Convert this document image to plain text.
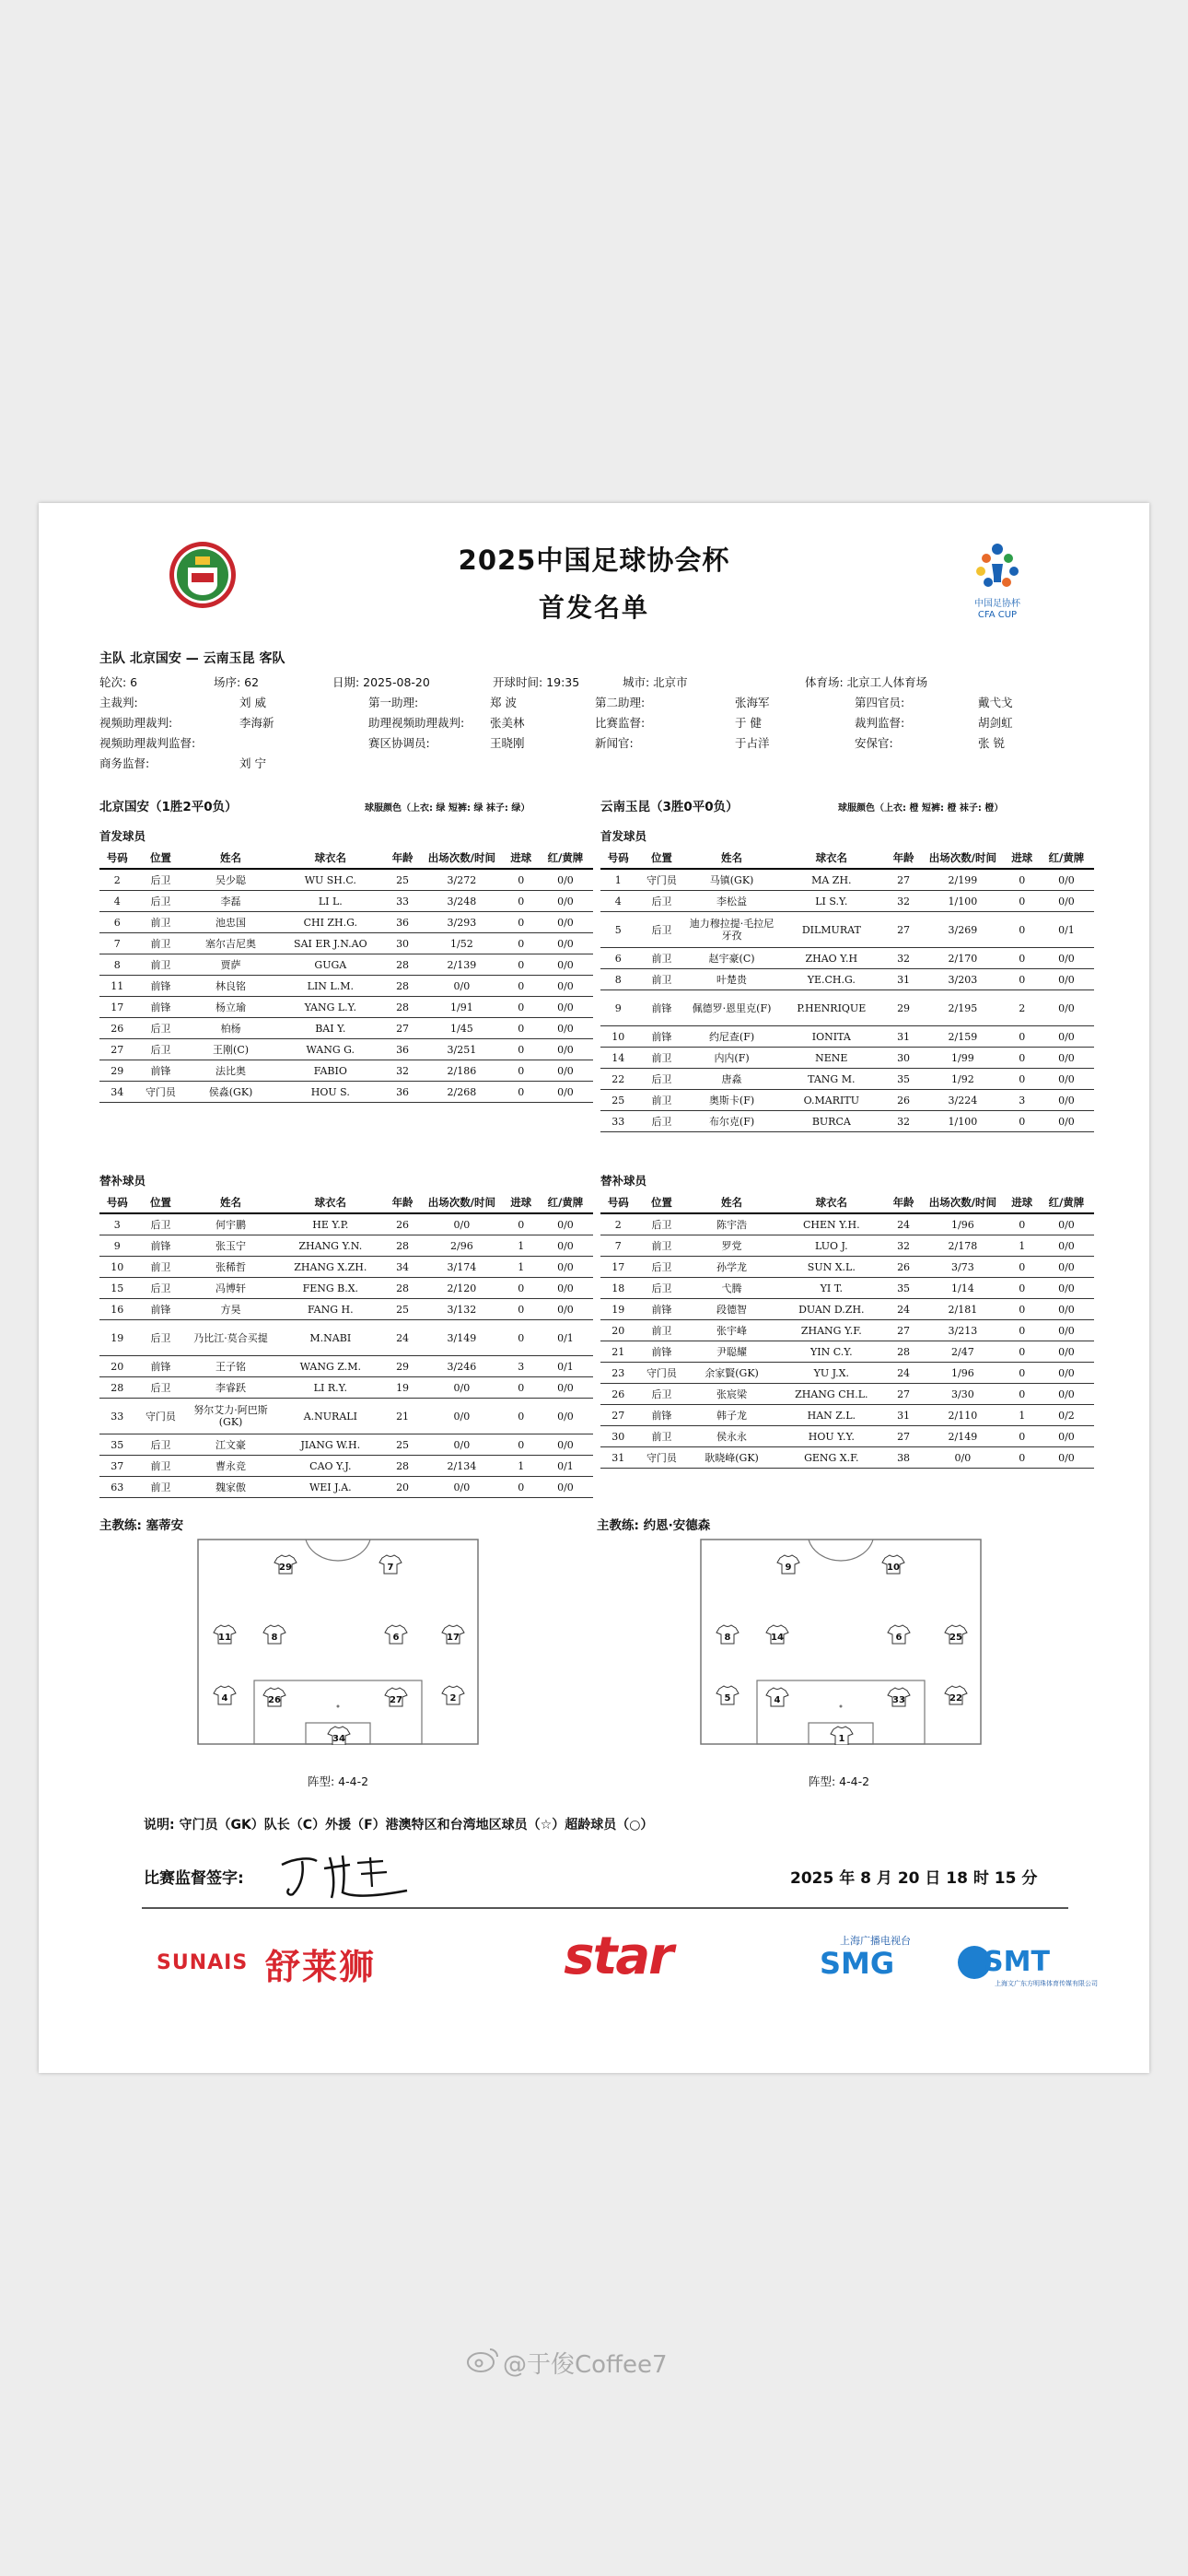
中国足协杯
CFA CUP
2025中国足球协会杯
首发名单
主队 北京国安 — 云南玉昆 客队
轮次: 6	场序: 62	日期: 2025-08-20	开球时间: 19:35	城市: 北京市	体育场: 北京工人体育场
主裁判:	刘 威	第一助理:	郑 波	第二助理:	张海军	第四官员:	戴弋戈
视频助理裁判:	李海新	助理视频助理裁判: 张美林	比赛监督:	于 健	裁判监督:	胡剑虹
视频助理裁判监督:	赛区协调员:	王晓刚	新闻官:	于占洋	安保官:	张 锐
商务监督:	刘 宁
北京国安（1胜2平0负）	球服颜色（上衣: 绿 短裤: 绿 袜子: 绿）	云南玉昆（3胜0平0负）	球服颜色（上衣: 橙 短裤: 橙 袜子: 橙）
首发球员	首发球员
号码	位置	姓名	球衣名	年龄	出场次数/时间	进球	红/黄牌
2	后卫	吴少聪	WU SH.C.	25	3/272	0	0/0
4	后卫	李磊	LI L.	33	3/248	0	0/0
6	前卫	池忠国	CHI ZH.G.	36	3/293	0	0/0
7	前卫	塞尔吉尼奥	SAI ER J.N.AO	30	1/52	0	0/0
8	前卫	贾萨	GUGA	28	2/139	0	0/0
11	前锋	林良铭	LIN L.M.	28	0/0	0	0/0
17	前锋	杨立瑜	YANG L.Y.	28	1/91	0	0/0
26	后卫	柏杨	BAI Y.	27	1/45	0	0/0
27	后卫	王刚(C)	WANG G.	36	3/251	0	0/0
29	前锋	法比奥	FABIO	32	2/186	0	0/0
34	守门员	侯淼(GK)	HOU S.	36	2/268	0	0/0
号码	位置	姓名	球衣名	年龄	出场次数/时间	进球	红/黄牌
1	守门员	马镇(GK)	MA ZH.	27	2/199	0	0/0
4	后卫	李松益	LI S.Y.	32	1/100	0	0/0
5	后卫	迪力穆拉提·毛拉尼牙孜	DILMURAT	27	3/269	0	0/1
6	前卫	赵宇豪(C)	ZHAO Y.H	32	2/170	0	0/0
8	前卫	叶楚贵	YE.CH.G.	31	3/203	0	0/0
9	前锋	佩德罗·恩里克(F)	P.HENRIQUE	29	2/195	2	0/0
10	前锋	约尼查(F)	IONITA	31	2/159	0	0/0
14	前卫	内内(F)	NENE	30	1/99	0	0/0
22	后卫	唐淼	TANG M.	35	1/92	0	0/0
25	前卫	奥斯卡(F)	O.MARITU	26	3/224	3	0/0
33	后卫	布尔克(F)	BURCA	32	1/100	0	0/0
替补球员	替补球员
号码	位置	姓名	球衣名	年龄	出场次数/时间	进球	红/黄牌
3	后卫	何宇鹏	HE Y.P.	26	0/0	0	0/0
9	前锋	张玉宁	ZHANG Y.N.	28	2/96	1	0/0
10	前卫	张稀哲	ZHANG X.ZH.	34	3/174	1	0/0
15	后卫	冯博轩	FENG B.X.	28	2/120	0	0/0
16	前锋	方昊	FANG H.	25	3/132	0	0/0
19	后卫	乃比江·莫合买提	M.NABI	24	3/149	0	0/1
20	前锋	王子铭	WANG Z.M.	29	3/246	3	0/1
28	后卫	李睿跃	LI R.Y.	19	0/0	0	0/0
33	守门员	努尔艾力·阿巴斯(GK)	A.NURALI	21	0/0	0	0/0
35	后卫	江文豪	JIANG W.H.	25	0/0	0	0/0
37	前卫	曹永竞	CAO Y.J.	28	2/134	1	0/1
63	前卫	魏家傲	WEI J.A.	20	0/0	0	0/0
号码	位置	姓名	球衣名	年龄	出场次数/时间	进球	红/黄牌
2	后卫	陈宇浩	CHEN Y.H.	24	1/96	0	0/0
7	前卫	罗党	LUO J.	32	2/178	1	0/0
17	后卫	孙学龙	SUN X.L.	26	3/73	0	0/0
18	后卫	弋腾	YI T.	35	1/14	0	0/0
19	前锋	段德智	DUAN D.ZH.	24	2/181	0	0/0
20	前卫	张宇峰	ZHANG Y.F.	27	3/213	0	0/0
21	前锋	尹聪耀	YIN C.Y.	28	2/47	0	0/0
23	守门员	余家賢(GK)	YU J.X.	24	1/96	0	0/0
26	后卫	张宸梁	ZHANG CH.L.	27	3/30	0	0/0
27	前锋	韩子龙	HAN Z.L.	31	2/110	1	0/2
30	前卫	侯永永	HOU Y.Y.	27	2/149	0	0/0
31	守门员	耿晓峰(GK)	GENG X.F.	38	0/0	0	0/0
主教练: 塞蒂安	主教练: 约恩·安德森
29	7
11	8	6	17
4	26	27	2
34
9	10
8	14	6	25
5	4	33	22
1
阵型: 4-4-2	阵型: 4-4-2
说明: 守门员（GK）队长（C）外援（F）港澳特区和台湾地区球员（☆）超龄球员（○）
比赛监督签字:	2025 年 8 月 20 日 18 时 15 分
SUNAIS 舒莱狮	star	上海广播电视台
SMG	SMT
上海文广东方明珠体育传媒有限公司
@于俊Coffee7
